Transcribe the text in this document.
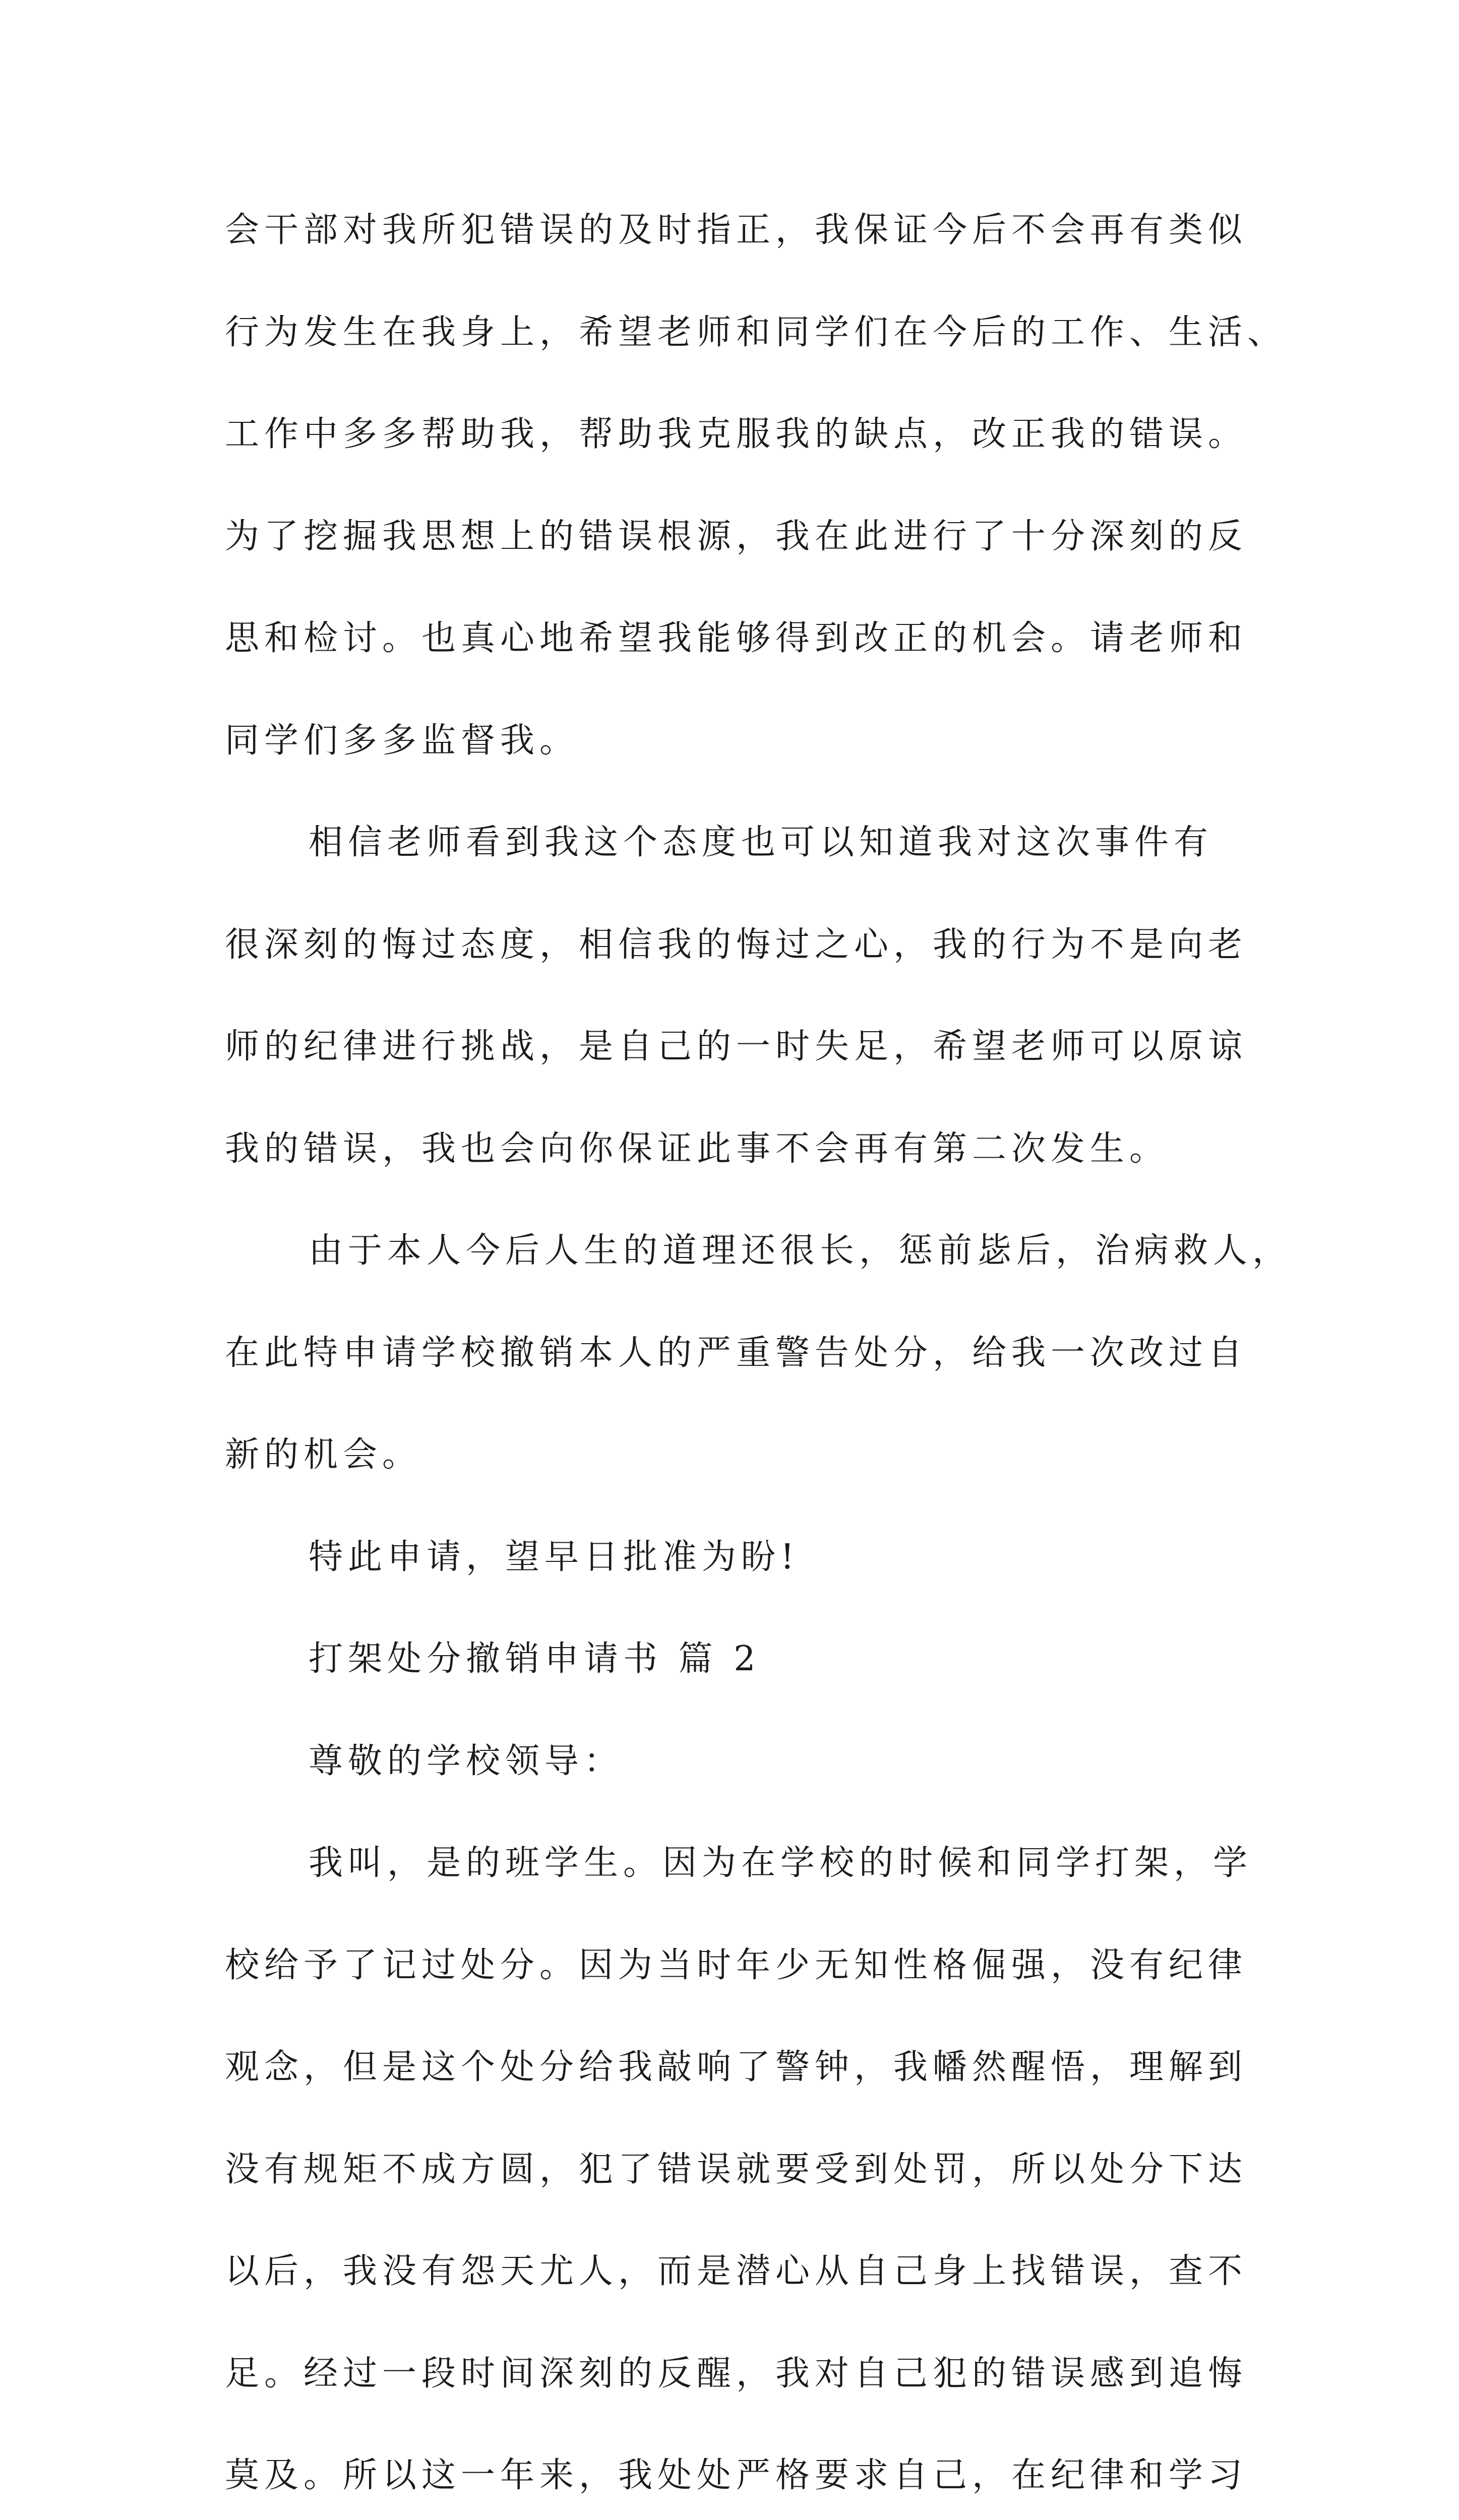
会干部对我所犯错误的及时指正，我保证今后不会再有类似
行为发生在我身上，希望老师和同学们在今后的工作、生活、
工作中多多帮助我，帮助我克服我的缺点，改正我的错误。
为了挖掘我思想上的错误根源，我在此进行了十分深刻的反
思和检讨。也真心地希望我能够得到改正的机会。请老师和
同学们多多监督我。
相信老师看到我这个态度也可以知道我对这次事件有
很深刻的悔过态度，相信我的悔过之心，我的行为不是向老
师的纪律进行挑战，是自己的一时失足，希望老师可以原谅
我的错误，我也会向你保证此事不会再有第二次发生。
由于本人今后人生的道理还很长，惩前毖后，治病救人，
在此特申请学校撤销本人的严重警告处分，给我一次改过自
新的机会。
特此申请，望早日批准为盼!
打架处分撤销申请书 篇 2
尊敬的学校领导：
我叫，是的班学生。因为在学校的时候和同学打架，学
校给予了记过处分。因为当时年少无知性格倔强，没有纪律
观念，但是这个处分给我敲响了警钟，我幡然醒悟，理解到
没有规矩不成方圆，犯了错误就要受到处罚，所以处分下达
以后，我没有怨天尤人，而是潜心从自己身上找错误，查不
足。经过一段时间深刻的反醒，我对自己犯的错误感到追悔
莫及。所以这一年来，我处处严格要求自己，在纪律和学习
